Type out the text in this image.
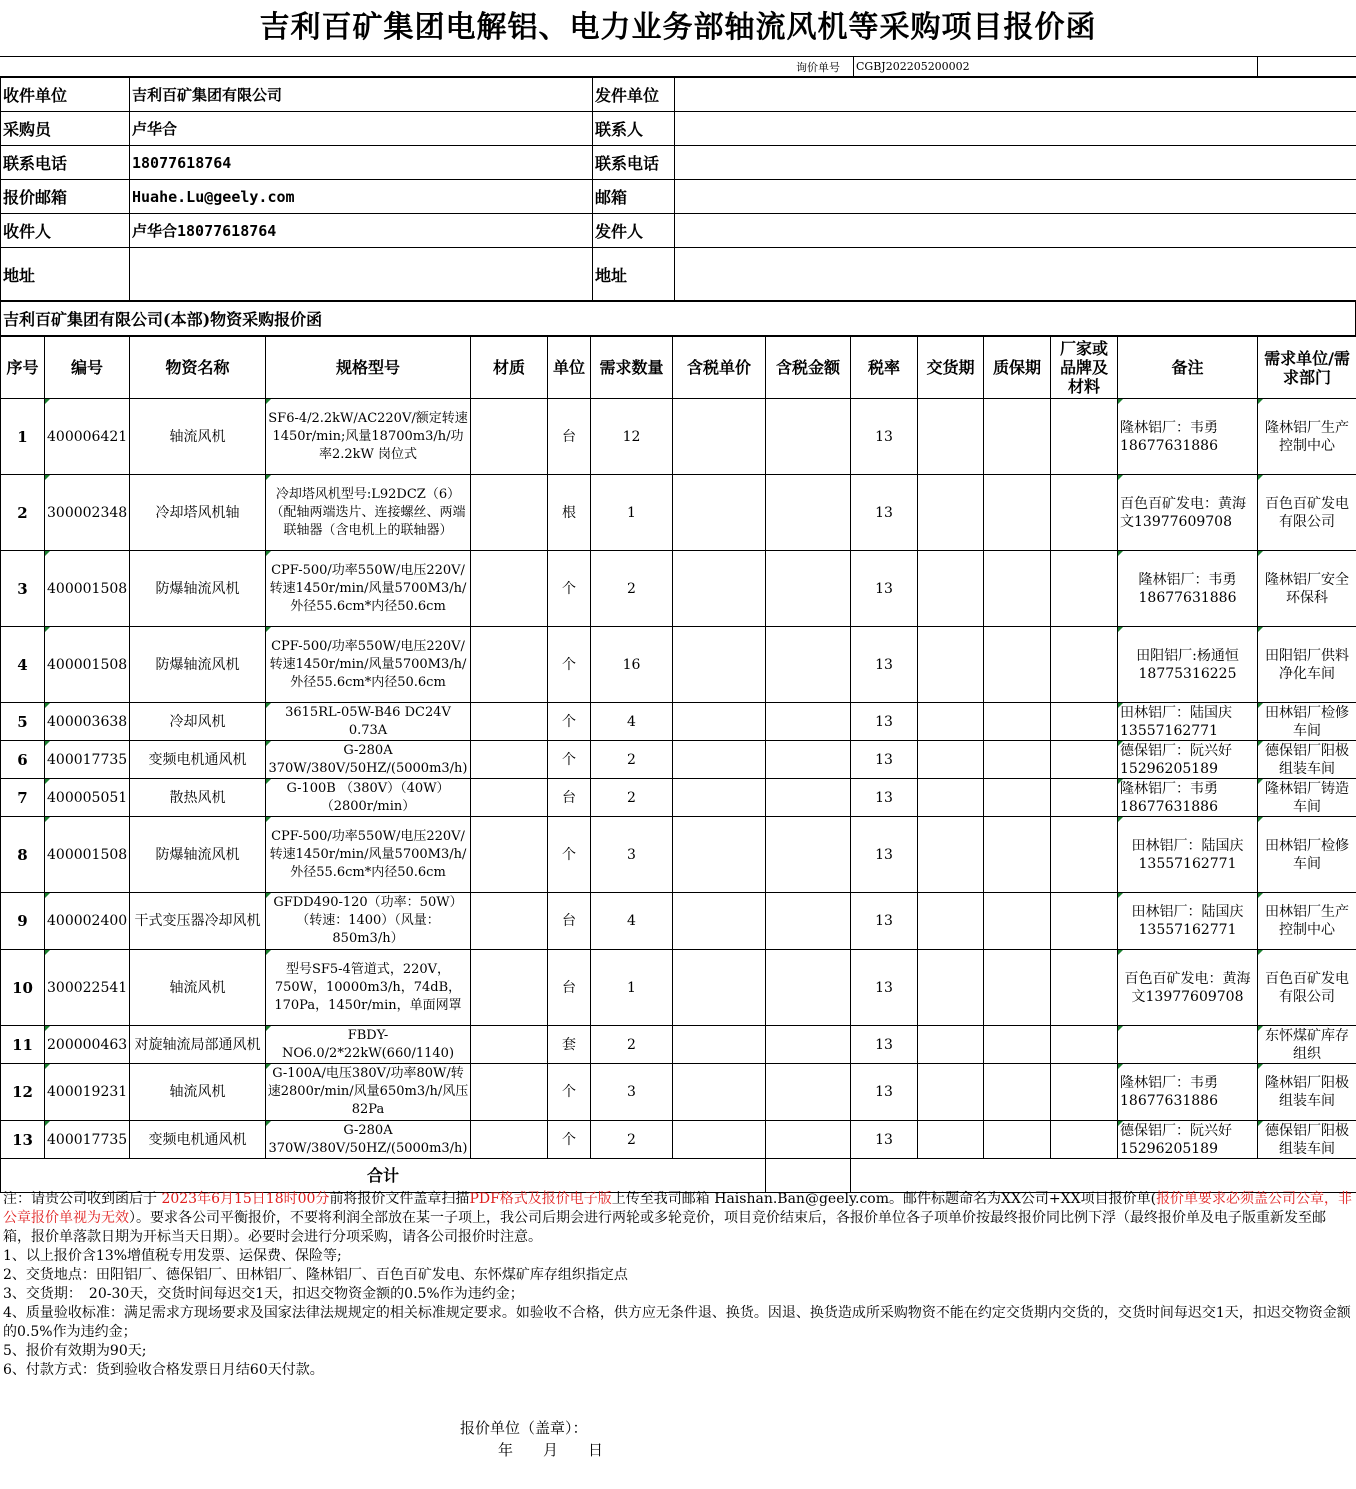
吉利百矿集团电解铝、电力业务部轴流风机等采购项目报价函
询价单号 CGBJ202205200002
收件单位	吉利百矿集团有限公司	发件单位	
采购员	卢华合	联系人	
联系电话	18077618764	联系电话	
报价邮箱	Huahe.Lu@geely.com	邮箱	
收件人	卢华合18077618764	发件人	
地址		地址	
吉利百矿集团有限公司(本部)物资采购报价函
序号	编号	物资名称	规格型号	材质	单位	需求数量	含税单价	含税金额	税率	交货期	质保期	厂家或品牌及材料	备注	需求单位/需求部门
1	400006421	轴流风机	SF6-4/2.2kW/AC220V/额定转速1450r/min;风量18700m3/h/功率2.2kW 岗位式		台	12			13				隆林铝厂：韦勇18677631886	隆林铝厂生产控制中心
2	300002348	冷却塔风机轴	冷却塔风机型号:L92DCZ（6）（配轴两端迭片、连接螺丝、两端联轴器（含电机上的联轴器）		根	1			13				百色百矿发电：黄海文13977609708	百色百矿发电有限公司
3	400001508	防爆轴流风机	CPF-500/功率550W/电压220V/转速1450r/min/风量5700M3/h/外径55.6cm*内径50.6cm		个	2			13				隆林铝厂：韦勇18677631886	隆林铝厂安全环保科
4	400001508	防爆轴流风机	CPF-500/功率550W/电压220V/转速1450r/min/风量5700M3/h/外径55.6cm*内径50.6cm		个	16			13				田阳铝厂:杨通恒18775316225	田阳铝厂供料净化车间
5	400003638	冷却风机	3615RL-05W-B46 DC24V 0.73A		个	4			13				田林铝厂：陆国庆13557162771	田林铝厂检修车间
6	400017735	变频电机通风机	G-280A 370W/380V/50HZ/(5000m3/h)		个	2			13				德保铝厂：阮兴好15296205189	德保铝厂阳极组装车间
7	400005051	散热风机	G-100B （380V）（40W）（2800r/min）		台	2			13				隆林铝厂：韦勇18677631886	隆林铝厂铸造车间
8	400001508	防爆轴流风机	CPF-500/功率550W/电压220V/转速1450r/min/风量5700M3/h/外径55.6cm*内径50.6cm		个	3			13				田林铝厂：陆国庆13557162771	田林铝厂检修车间
9	400002400	干式变压器冷却风机	GFDD490-120（功率：50W）（转速：1400）（风量：850m3/h）		台	4			13				田林铝厂：陆国庆13557162771	田林铝厂生产控制中心
10	300022541	轴流风机	型号SF5-4管道式，220V，750W，10000m3/h，74dB，170Pa，1450r/min，单面网罩		台	1			13				百色百矿发电：黄海文13977609708	百色百矿发电有限公司
11	200000463	对旋轴流局部通风机	FBDY-NO6.0/2*22kW(660/1140)		套	2			13					东怀煤矿库存组织
12	400019231	轴流风机	G-100A/电压380V/功率80W/转速2800r/min/风量650m3/h/风压82Pa		个	3			13				隆林铝厂：韦勇18677631886	隆林铝厂阳极组装车间
13	400017735	变频电机通风机	G-280A 370W/380V/50HZ/(5000m3/h)		个	2			13				德保铝厂：阮兴好15296205189	德保铝厂阳极组装车间
合计														

注：请贵公司收到函后于 2023年6月15日18时00分前将报价文件盖章扫描PDF格式及报价电子版上传至我司邮箱 Haishan.Ban@geely.com。邮件标题命名为XX公司+XX项目报价单(报价单要求必须盖公司公章，非公章报价单视为无效）。要求各公司平衡报价，不要将利润全部放在某一子项上，我公司后期会进行两轮或多轮竞价，项目竞价结束后，各报价单位各子项单价按最终报价同比例下浮（最终报价单及电子版重新发至邮箱，报价单落款日期为开标当天日期）。必要时会进行分项采购，请各公司报价时注意。

1、以上报价含13%增值税专用发票、运保费、保险等;

2、交货地点：田阳铝厂、德保铝厂、田林铝厂、隆林铝厂、百色百矿发电、东怀煤矿库存组织指定点

3、交货期：　20-30天，交货时间每迟交1天，扣迟交物资金额的0.5%作为违约金；

4、质量验收标准：满足需求方现场要求及国家法律法规规定的相关标准规定要求。如验收不合格，供方应无条件退、换货。因退、换货造成所采购物资不能在约定交货期内交货的，交货时间每迟交1天，扣迟交物资金额的0.5%作为违约金；

5、报价有效期为90天;

6、付款方式：货到验收合格发票日月结60天付款。

报价单位（盖章）：
年　　月　　日
